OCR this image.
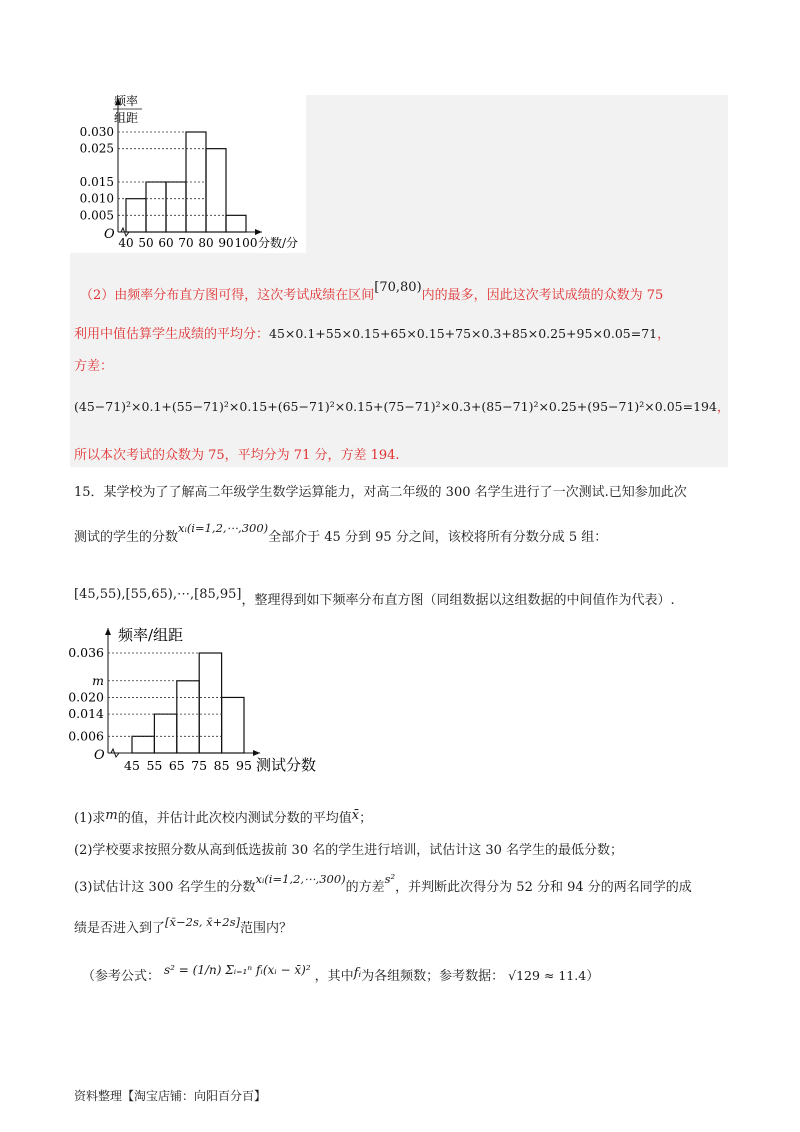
O
0.005
0.010
0.015
0.025
0.030
40 50 60 70 80 90 100 分数/分
频率
组距
（2）由频率分布直方图可得，这次考试成绩在区间[70,80)内的最多，因此这次考试成绩的众数为 75
利用中值估算学生成绩的平均分：45×0.1+55×0.15+65×0.15+75×0.3+85×0.25+95×0.05=71，
方差：
(45−71)²×0.1+(55−71)²×0.15+(65−71)²×0.15+(75−71)²×0.3+(85−71)²×0.25+(95−71)²×0.05=194，
所以本次考试的众数为 75，平均分为 71 分，方差 194.
15．某学校为了了解高二年级学生数学运算能力，对高二年级的 300 名学生进行了一次测试.已知参加此次
测试的学生的分数xᵢ(i=1,2,⋯,300)全部介于 45 分到 95 分之间，该校将所有分数分成 5 组：
[45,55),[55,65),⋯,[85,95]，整理得到如下频率分布直方图（同组数据以这组数据的中间值作为代表）.
O
0.006
0.014
0.020
m
0.036
45 55 65 75 85 95 测试分数
频率/组距
(1)求m的值，并估计此次校内测试分数的平均值x̄；
(2)学校要求按照分数从高到低选拔前 30 名的学生进行培训，试估计这 30 名学生的最低分数；
(3)试估计这 300 名学生的分数xᵢ(i=1,2,⋯,300)的方差s²，并判断此次得分为 52 分和 94 分的两名同学的成
绩是否进入到了[x̄−2s, x̄+2s]范围内？
（参考公式： s² = (1/n) Σᵢ₌₁ⁿ fᵢ(xᵢ − x̄)² ，其中fᵢ为各组频数；参考数据： √129 ≈ 11.4）
资料整理【淘宝店铺：向阳百分百】
